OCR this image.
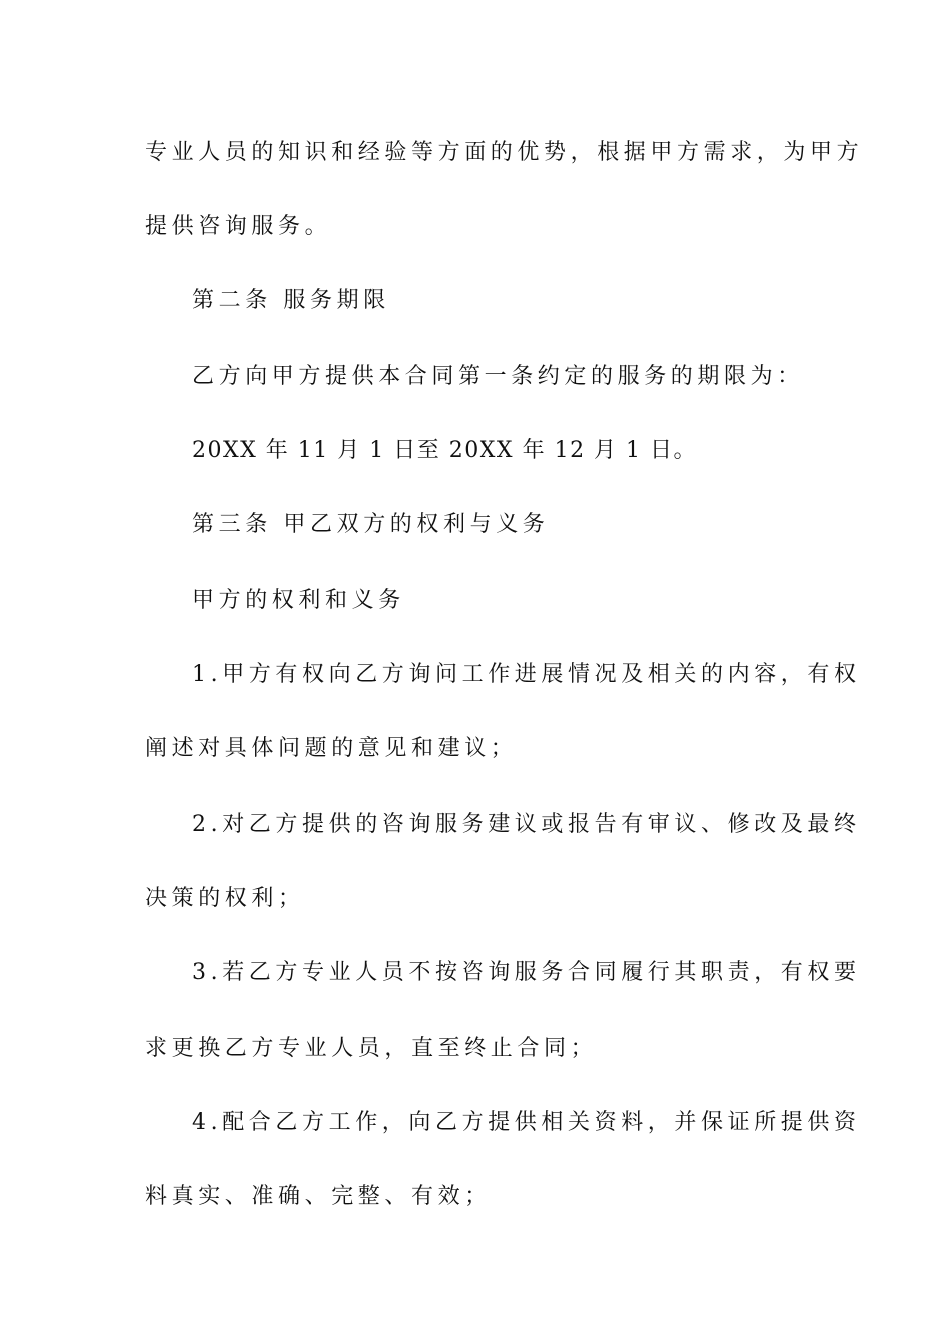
专业人员的知识和经验等方面的优势，根据甲方需求，为甲方
提供咨询服务。
第二条 服务期限
乙方向甲方提供本合同第一条约定的服务的期限为：
20XX 年 11 月 1 日至 20XX 年 12 月 1 日。
第三条 甲乙双方的权利与义务
甲方的权利和义务
1.甲方有权向乙方询问工作进展情况及相关的内容，有权
阐述对具体问题的意见和建议；
2.对乙方提供的咨询服务建议或报告有审议、修改及最终
决策的权利；
3.若乙方专业人员不按咨询服务合同履行其职责，有权要
求更换乙方专业人员，直至终止合同；
4.配合乙方工作，向乙方提供相关资料，并保证所提供资
料真实、准确、完整、有效；
